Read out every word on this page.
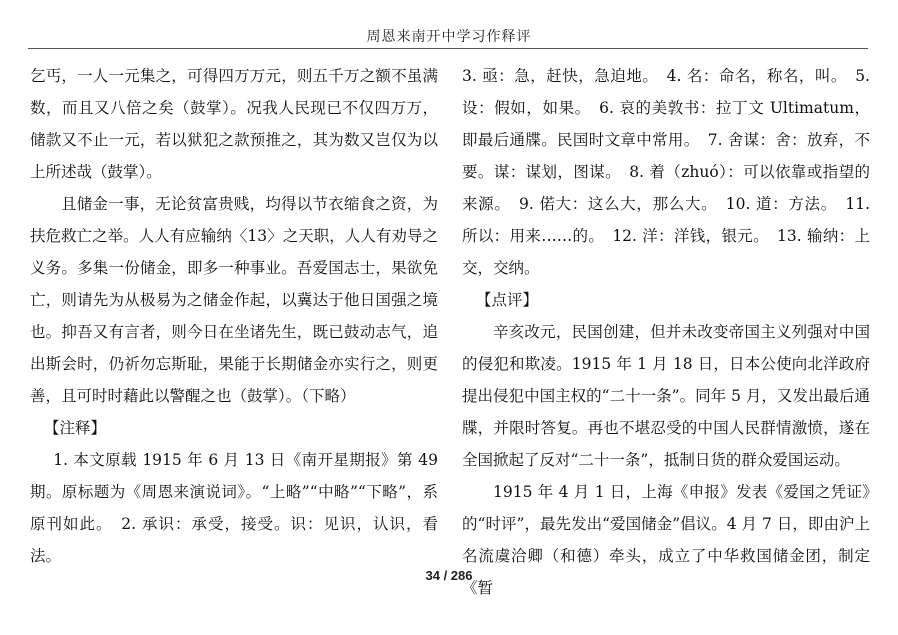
周恩来南开中学习作释评

乞丐，一人一元集之，可得四万万元，则五千万之额不虽满数，而且又八倍之矣（鼓掌）。况我人民现已不仅四万万，储款又不止一元，若以狱犯之款预推之，其为数又岂仅为以上所述哉（鼓掌）。

且储金一事，无论贫富贵贱，均得以节衣缩食之资，为扶危救亡之举。人人有应输纳〈13〉之天职，人人有劝导之义务。多集一份储金，即多一种事业。吾爱国志士，果欲免亡，则请先为从极易为之储金作起，以冀达于他日国强之境也。抑吾又有言者，则今日在坐诸先生，既已鼓动志气，追出斯会时，仍祈勿忘斯耻，果能于长期储金亦实行之，则更善，且可时时藉此以警醒之也（鼓掌）。（下略）

【注释】

1. 本文原载 1915 年 6 月 13 日《南开星期报》第 49 期。原标题为《周恩来演说词》。“上略”“中略”“下略”，系原刊如此。　2. 承识：承受，接受。识：见识，认识，看法。

3. 亟：急，赶快，急迫地。　4. 名：命名，称名，叫。　5. 设：假如，如果。　6. 哀的美敦书：拉丁文 Ultimatum，即最后通牒。民国时文章中常用。　7. 舍谋：舍：放弃，不要。谋：谋划，图谋。　8. 着（zhuó）：可以依靠或指望的来源。　9. 偌大：这么大，那么大。　10. 道：方法。　11. 所以：用来……的。　12. 洋：洋钱，银元。　13. 输纳：上交，交纳。

【点评】

辛亥改元，民国创建，但并未改变帝国主义列强对中国的侵犯和欺凌。1915 年 1 月 18 日，日本公使向北洋政府提出侵犯中国主权的“二十一条”。同年 5 月，又发出最后通牒，并限时答复。再也不堪忍受的中国人民群情激愤，遂在全国掀起了反对“二十一条”，抵制日货的群众爱国运动。

1915 年 4 月 1 日，上海《申报》发表《爱国之凭证》的“时评”，最先发出“爱国储金”倡议。4 月 7 日，即由沪上名流虞洽卿（和德）牵头，成立了中华救国储金团，制定《暂

34 / 286
